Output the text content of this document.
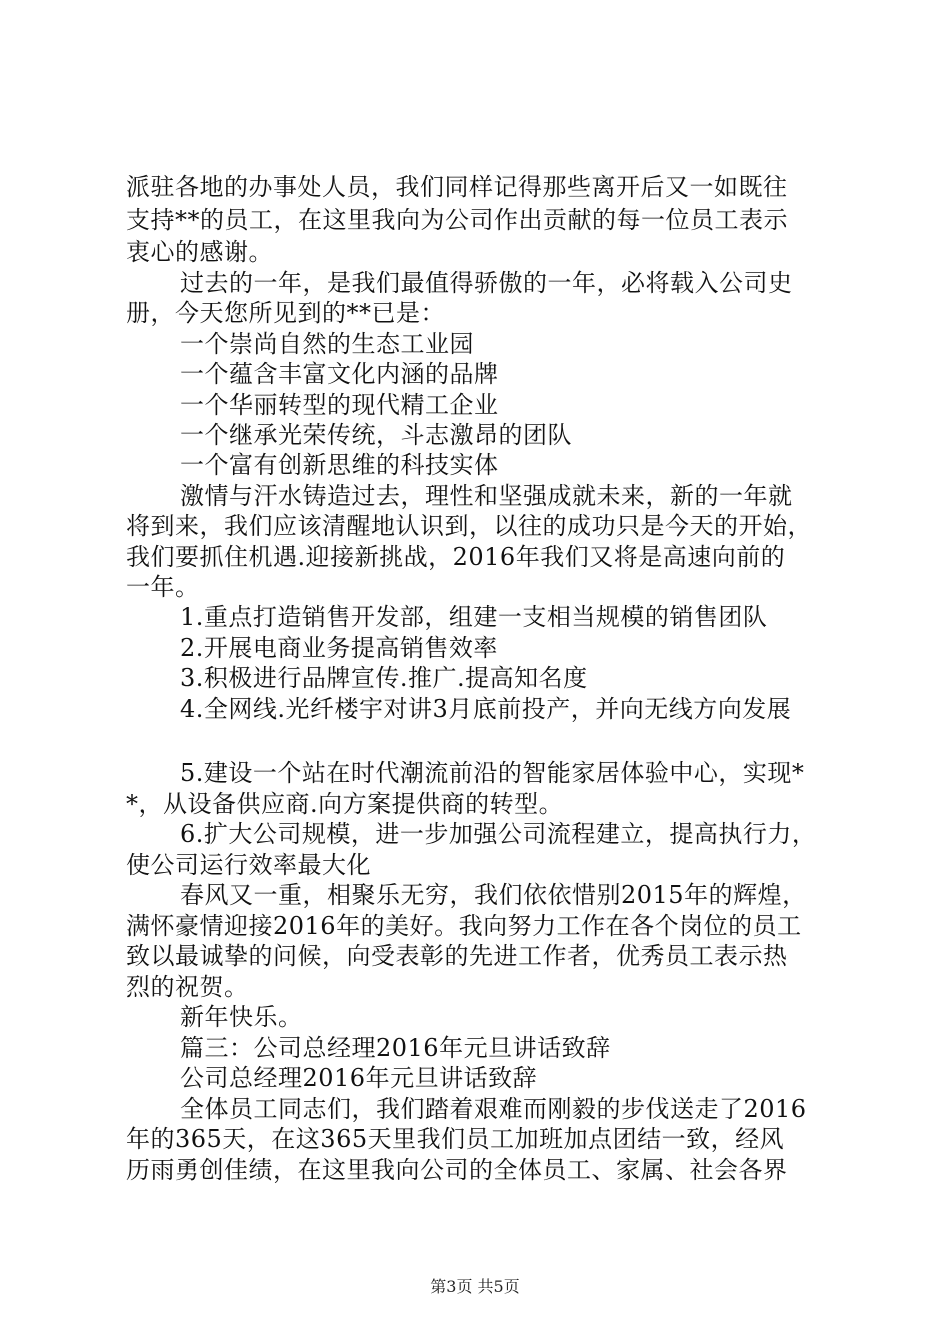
派驻各地的办事处人员，我们同样记得那些离开后又一如既往
支持**的员工，在这里我向为公司作出贡献的每一位员工表示
衷心的感谢。
过去的一年，是我们最值得骄傲的一年，必将载入公司史
册，今天您所见到的**已是：
一个崇尚自然的生态工业园
一个蕴含丰富文化内涵的品牌
一个华丽转型的现代精工企业
一个继承光荣传统，斗志激昂的团队
一个富有创新思维的科技实体
激情与汗水铸造过去，理性和坚强成就未来，新的一年就
将到来，我们应该清醒地认识到，以往的成功只是今天的开始，
我们要抓住机遇.迎接新挑战，2016年我们又将是高速向前的
一年。
1.重点打造销售开发部，组建一支相当规模的销售团队
2.开展电商业务提高销售效率
3.积极进行品牌宣传.推广.提高知名度
4.全网线.光纤楼宇对讲3月底前投产，并向无线方向发展
5.建设一个站在时代潮流前沿的智能家居体验中心，实现*
*，从设备供应商.向方案提供商的转型。
6.扩大公司规模，进一步加强公司流程建立，提高执行力，
使公司运行效率最大化
春风又一重，相聚乐无穷，我们依依惜别2015年的辉煌，
满怀豪情迎接2016年的美好。我向努力工作在各个岗位的员工
致以最诚挚的问候，向受表彰的先进工作者，优秀员工表示热
烈的祝贺。
新年快乐。
篇三：公司总经理2016年元旦讲话致辞
公司总经理2016年元旦讲话致辞
全体员工同志们，我们踏着艰难而刚毅的步伐送走了2016
年的365天，在这365天里我们员工加班加点团结一致，经风
历雨勇创佳绩，在这里我向公司的全体员工、家属、社会各界
第3页 共5页
